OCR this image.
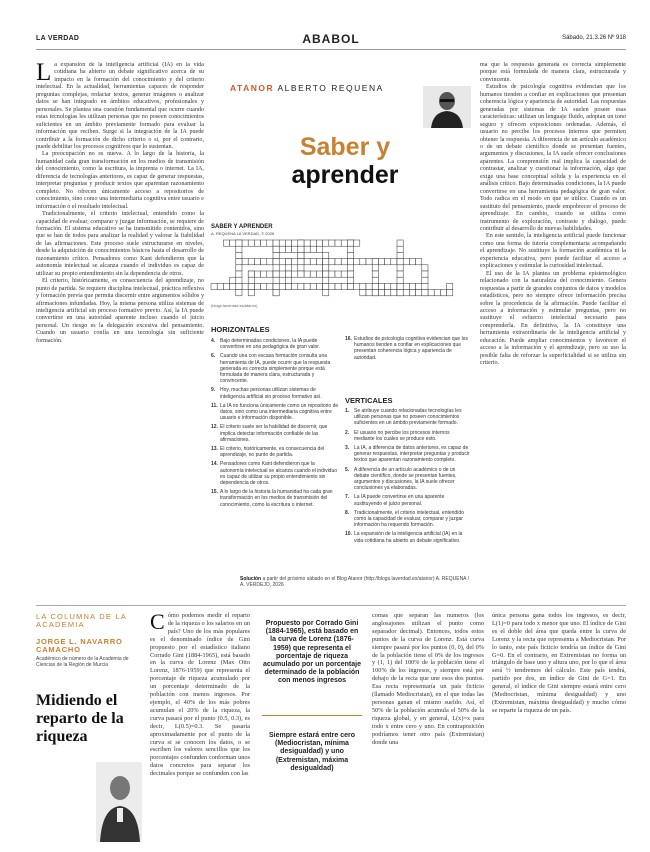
LA VERDAD	ABABOL	Sábado, 21.3.26 Nº 918
L a expansión de la inteligencia artificial (IA) en la vida cotidiana ha abierto un debate significativo acerca de su impacto en la formación del conocimiento y del criterio intelectual. En la actualidad, herramientas capaces de responder preguntas complejas, redactar textos, generar imágenes o analizar datos se han integrado en ámbitos educativos, profesionales y personales. Se plantea una cuestión fundamental que ocurre cuando estas tecnologías les utilizan personas que no poseen conocimientos suficientes en un ámbito previamente formado para evaluar la información que reciben. Surge si la integración de la IA puede contribuir a la formación de dicho criterio o si, por el contrario, puede debilitar los procesos cognitivos que lo sustentan.

La preocupación no es nueva. A lo largo de la historia, la humanidad cada gran transformación en los medios de transmisión del conocimiento, como la escritura, la imprenta o internet. La IA, diferencia de tecnologías anteriores, es capaz de generar respuestas, interpretar preguntas y producir textos que aparentan razonamiento completo. No ofrecen únicamente acceso a repositorios de conocimiento, sino como una intermediaria cognitiva entre usuario e información o el resultado intelectual.

Tradicionalmente, el criterio intelectual, entendido como la capacidad de evaluar, comparar y juzgar información, se requiere de formación. El sistema educativo se ha transmitido contenidos, sino que se han de todos para analizar la realidad y valorar la fiabilidad de las afirmaciones. Este proceso suele estructurarse en niveles, desde la adquisición de conocimientos básicos hasta el desarrollo de razonamiento crítico. Pensadores como Kant defendieron que la autonomía intelectual se alcanza cuando el individuo es capaz de utilizar su propio entendimiento sin la dependencia de otros.

El criterio, históricamente, es consecuencia del aprendizaje, no punto de partida. Se requiere disciplina intelectual, práctica reflexiva y formación previa que permita discernir entre argumentos sólidos y afirmaciones infundadas. Hoy, la misma persona utiliza sistemas de inteligencia artificial sin proceso formativo previo. Así, la IA puede convertirse en una autoridad aparente incluso cuando el juicio personal. Un riesgo es la delegación excesiva del pensamiento. Cuando un usuario confía en una tecnología sin suficiente formación.

ATANOR ALBERTO REQUENA
Saber y
aprender
SABER Y APRENDER
A. REQUENA LA VERDAD, © 2026
(blogs.laverdad.es/atanor)
HORIZONTALES
4. Bajo determinadas condiciones, la IA puede convertirse en una pedagógica de gran valor.
6. Cuando una con escasa formación consulta una herramienta de IA, puede ocurrir que la respuesta generada es correcta simplemente porque está formulada de manera clara, estructurada y convincente.
9. Hoy, muchas personas utilizan sistemas de inteligencia artificial sin proceso formativo así.
11. La IA no funciona únicamente como un repositorio de datos, sino como una intermediaria cognitiva entre usuario e información disponible.
12. El criterio suele ser la habilidad de discernir, que implica detectar información confiable de las afirmaciones.
13. El criterio, históricamente, es consecuencia del aprendizaje, no punto de partida.
14. Pensadores como Kant defendieron que la autonomía intelectual se alcanza cuando el individuo es capaz de utilizar su propio entendimiento sin dependencia de otros.
15. A lo largo de la historia la humanidad ha cada gran transformación en los medios de transmisión del conocimiento, como la escritura o internet.
16. Estudios de psicología cognitiva evidencian que los humanos tienden a confiar en explicaciones que presentan coherencia lógica y apariencia de autoridad.
VERTICALES
1. Se atribuye cuando relacionadas tecnologías les utilizan personas que no poseen conocimientos suficientes en un ámbito previamente formado.
2. El usuario no percibe los procesos internos mediante los cuales se produce esto.
3. La IA, a diferencia de datos anteriores, es capaz de generar respuestas, interpretar preguntas y producir textos que aparentan razonamiento completo.
5. A diferencia de un artículo académico o de un debate científico, donde se presentan fuentes, argumentos y discusiones, la IA suele ofrecer conclusiones ya elaboradas.
7. La IA puede convertirse en una aparente sustituyendo el juicio personal.
8. Tradicionalmente, el criterio intelectual, entendido como la capacidad de evaluar, comparar y juzgar información ha requerido formación.
10. La expansión de la inteligencia artificial (IA) en la vida cotidiana ha abierto un debate significativo.
Solución a partir del próximo sábado en el Blog Atanor (http://blogs.laverdad.es/atanor) A. REQUENA / A. VERDEJO, 2026

ma que la respuesta generada es correcta simplemente porque está formulada de manera clara, estructurada y convincente.

Estudios de psicología cognitiva evidencian que los humanos tienden a confiar en explicaciones que presentan coherencia lógica y apariencia de autoridad. Las respuestas generadas por sistemas de IA suelen poseer esas características: utilizan un lenguaje fluido, adoptan un tono seguro y ofrecen exposiciones ordenadas. Además, el usuario no percibe los procesos internos que permiten obtener la respuesta. A diferencia de un artículo académico o de un debate científico donde se presentan fuentes, argumentos y discusiones, la IA suele ofrecer conclusiones aparentes. La comprensión real implica la capacidad de contrastar, analizar y cuestionar la información, algo que exige una base conceptual sólida y la experiencia en el análisis crítico. Bajo determinadas condiciones, la IA puede convertirse en una herramienta pedagógica de gran valor. Todo radica en el modo en que se utilice. Cuando es un sustituto del pensamiento, puede empobrecer el proceso de aprendizaje. En cambio, cuando se utiliza como instrumento de exploración, contraste y diálogo, puede contribuir al desarrollo de nuevas habilidades.

En este sentido, la inteligencia artificial puede funcionar como una forma de tutoría complementaria acompañando el aprendizaje. No sustituye la formación académica ni la experiencia educativa, pero puede facilitar el acceso a explicaciones y estimular la curiosidad intelectual.

El uso de la IA plantea un problema epistemológico relacionado con la naturaleza del conocimiento. Genera respuestas a partir de grandes conjuntos de datos y modelos estadísticos, pero no siempre ofrece información precisa sobre la procedencia de la afirmación. Puede facilitar el acceso a información y estimular preguntas, pero no sustituye el esfuerzo intelectual necesario para comprenderla. En definitiva, la IA constituye una herramienta extraordinaria de la inteligencia artificial y educación. Puede ampliar conocimientos y favorecer el acceso a la información y el aprendizaje, pero su uso la posible falta de reforzar la superficialidad si se utiliza sin criterio.

LA COLUMNA DE LA ACADEMIA
JORGE L. NAVARRO CAMACHO
Académico de número de la Academia de Ciencias de la Región de Murcia
Midiendo el reparto de la riqueza
C ómo podemos medir el reparto de la riqueza o los salarios en un país? Uno de los más populares es el denominado índice de Gini propuesto por el estadístico italiano Corrado Gini (1884-1965), está basado en la curva de Lorenz (Max Otto Lorenz, 1876-1959) que representa el porcentaje de riqueza acumulado por un porcentaje determinado de la población con menos ingresos. Por ejemplo, el 40% de los más pobres acumulan el 20% de la riqueza, la curva pasará por el punto (0.5, 0.3), es decir, L(0.5)=0.3. Se pasaría aproximadamente por el punto de la curva si se conocen los datos, o se escriben los valores sencillos que los porcentajes confunden conforman unos datos concretos para separar los decimales porque se confunden con las

Propuesto por Corrado Gini (1884-1965), está basado en la curva de Lorenz (1876-1959) que representa el porcentaje de riqueza acumulado por un porcentaje determinado de la población con menos ingresos
Siempre estará entre cero (Mediocristan, mínima desigualdad) y uno (Extremistan, máxima desigualdad)

comas que separan las numeros (los anglosajones utilizan el punto como separador decimal). Entonces, todos estos puntos de la curva de Lorenz. Está curva siempre pasará por los puntos (0, 0), del 0% de la población tiene el 0% de los ingresos y (1, 1) del 100% de la población tiene el 100% de los ingresos, y siempre está por debajo de la recta que une esos dos puntos. Esa recta representaría un país ficticio (llamado Mediocristan), en el que todas las personas ganan el mismo sueldo. Así, el 50% de la población acumula el 50% de la riqueza global, y en general, L(x)=x para todo x entre cero y uno. En contraposición podríamos tener otro país (Extremistan) donde una

única persona gana todos los ingresos, es decir, L(1)=0 para todo x menor que uno. El índice de Gini es el doble del área que queda entre la curva de Lorenz y la recta que representa a Mediocristan. Por lo tanto, este país ficticio tendría un índice de Gini G=0. En el contrario, en Extremistan no forma un triángulo de base uno y altura uno, por lo que el área será ½ tendremos del cálculo. Este país tendrá, partido por dos, un índice de Gini de G=1. En general, el índice de Gini siempre estará entre cero (Mediocristan, mínima desigualdad) y uno (Extremistan, máxima desigualdad) y mucho cómo se reparte la riqueza de un país.
